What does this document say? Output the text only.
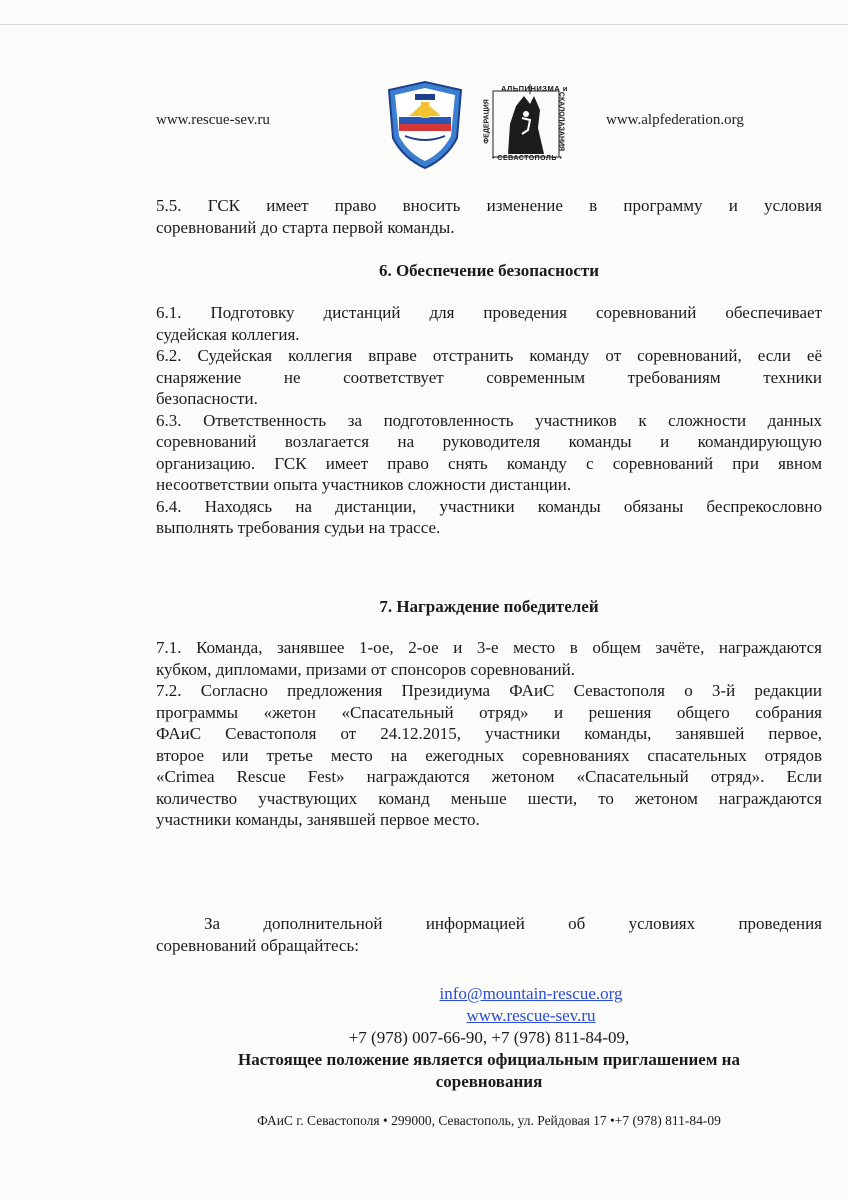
www.rescue-sev.ru
АЛЬПИНИЗМА и
ФЕДЕРАЦИЯ	СКАЛОЛАЗАНИЯ
• СЕВАСТОПОЛЬ •
www.alpfederation.org
5.5. ГСК имеет право вносить изменение в программу и условия
соревнований до старта первой команды.
6. Обеспечение безопасности
6.1. Подготовку дистанций для проведения соревнований обеспечивает
судейская коллегия.
6.2. Судейская коллегия вправе отстранить команду от соревнований, если её
снаряжение не соответствует современным требованиям техники
безопасности.
6.3. Ответственность за подготовленность участников к сложности данных
соревнований возлагается на руководителя команды и командирующую
организацию. ГСК имеет право снять команду с соревнований при явном
несоответствии опыта участников сложности дистанции.
6.4. Находясь на дистанции, участники команды обязаны беспрекословно
выполнять требования судьи на трассе.
7. Награждение победителей
7.1. Команда, занявшее 1-ое, 2-ое и 3-е место в общем зачёте, награждаются
кубком, дипломами, призами от спонсоров соревнований.
7.2. Согласно предложения Президиума ФАиС Севастополя о 3-й редакции
программы «жетон «Спасательный отряд» и решения общего собрания
ФАиС Севастополя от 24.12.2015, участники команды, занявшей первое,
второе или третье место на ежегодных соревнованиях спасательных отрядов
«Crimea Rescue Fest» награждаются жетоном «Спасательный отряд». Если
количество участвующих команд меньше шести, то жетоном награждаются
участники команды, занявшей первое место.
За дополнительной информацией об условиях проведения
соревнований обращайтесь:
info@mountain-rescue.org
www.rescue-sev.ru
+7 (978) 007-66-90, +7 (978) 811-84-09,
Настоящее положение является официальным приглашением на
соревнования
ФАиС г. Севастополя • 299000, Севастополь, ул. Рейдовая 17 •+7 (978) 811-84-09
